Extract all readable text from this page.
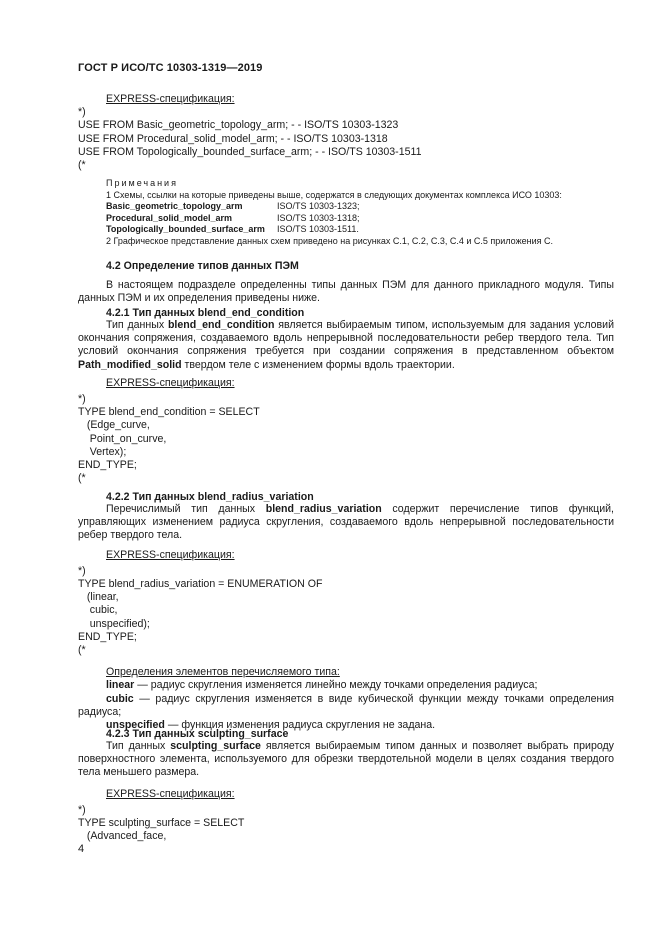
ГОСТ Р ИСО/ТС 10303-1319—2019
EXPRESS-спецификация:
*)
USE FROM Basic_geometric_topology_arm; - - ISO/TS 10303-1323
USE FROM Procedural_solid_model_arm; - - ISO/TS 10303-1318
USE FROM Topologically_bounded_surface_arm; - - ISO/TS 10303-1511
(*
Примечания
1 Схемы, ссылки на которые приведены выше, содержатся в следующих документах комплекса ИСО 10303:
Basic_geometric_topology_arm	ISO/TS 10303-1323;
Procedural_solid_model_arm	ISO/TS 10303-1318;
Topologically_bounded_surface_arm	ISO/TS 10303-1511.
2 Графическое представление данных схем приведено на рисунках С.1, С.2, С.3, С.4 и С.5 приложения С.
4.2 Определение типов данных ПЭМ
В настоящем подразделе определенны типы данных ПЭМ для данного прикладного модуля. Типы данных ПЭМ и их определения приведены ниже.
4.2.1 Тип данных blend_end_condition
Тип данных blend_end_condition является выбираемым типом, используемым для задания условий окончания сопряжения, создаваемого вдоль непрерывной последовательности ребер твердого тела. Тип условий окончания сопряжения требуется при создании сопряжения в представленном объектом Path_modified_solid твердом теле с изменением формы вдоль траектории.
EXPRESS-спецификация:
*)
TYPE blend_end_condition = SELECT
(Edge_curve,
Point_on_curve,
Vertex);
END_TYPE;
(*
4.2.2 Тип данных blend_radius_variation
Перечислимый тип данных blend_radius_variation содержит перечисление типов функций, управляющих изменением радиуса скругления, создаваемого вдоль непрерывной последовательности ребер твердого тела.
EXPRESS-спецификация:
*)
TYPE blend_radius_variation = ENUMERATION OF
(linear,
cubic,
unspecified);
END_TYPE;
(*
Определения элементов перечисляемого типа:
linear — радиус скругления изменяется линейно между точками определения радиуса;
cubic — радиус скругления изменяется в виде кубической функции между точками определения радиуса;
unspecified — функция изменения радиуса скругления не задана.
4.2.3 Тип данных sculpting_surface
Тип данных sculpting_surface является выбираемым типом данных и позволяет выбрать природу поверхностного элемента, используемого для обрезки твердотельной модели в целях создания твердого тела меньшего размера.
EXPRESS-спецификация:
*)
TYPE sculpting_surface = SELECT
(Advanced_face,
4
